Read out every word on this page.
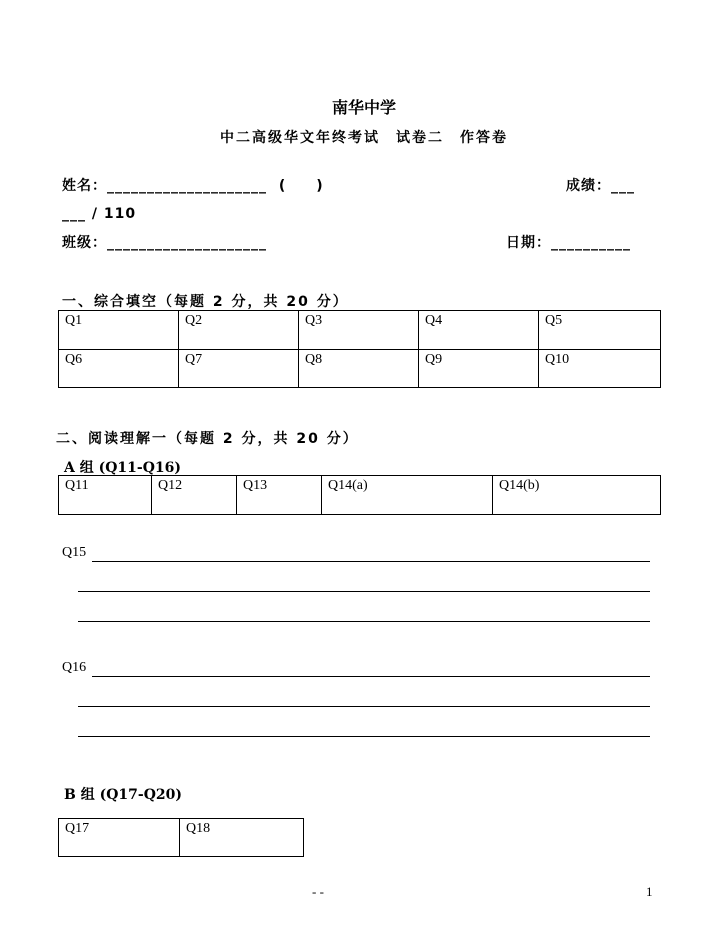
南华中学
中二高级华文年终考试　试卷二　作答卷
姓名：____________________ (　　)	成绩：___
___ / 110
班级：____________________	日期：__________
一、综合填空（每题 2 分，共 20 分）
Q1	Q2	Q3	Q4	Q5
Q6	Q7	Q8	Q9	Q10
二、阅读理解一（每题 2 分，共 20 分）
A 组 (Q11-Q16)
Q11	Q12	Q13	Q14(a)	Q14(b)
Q15
Q16
B 组 (Q17-Q20)
Q17	Q18
- -	1
